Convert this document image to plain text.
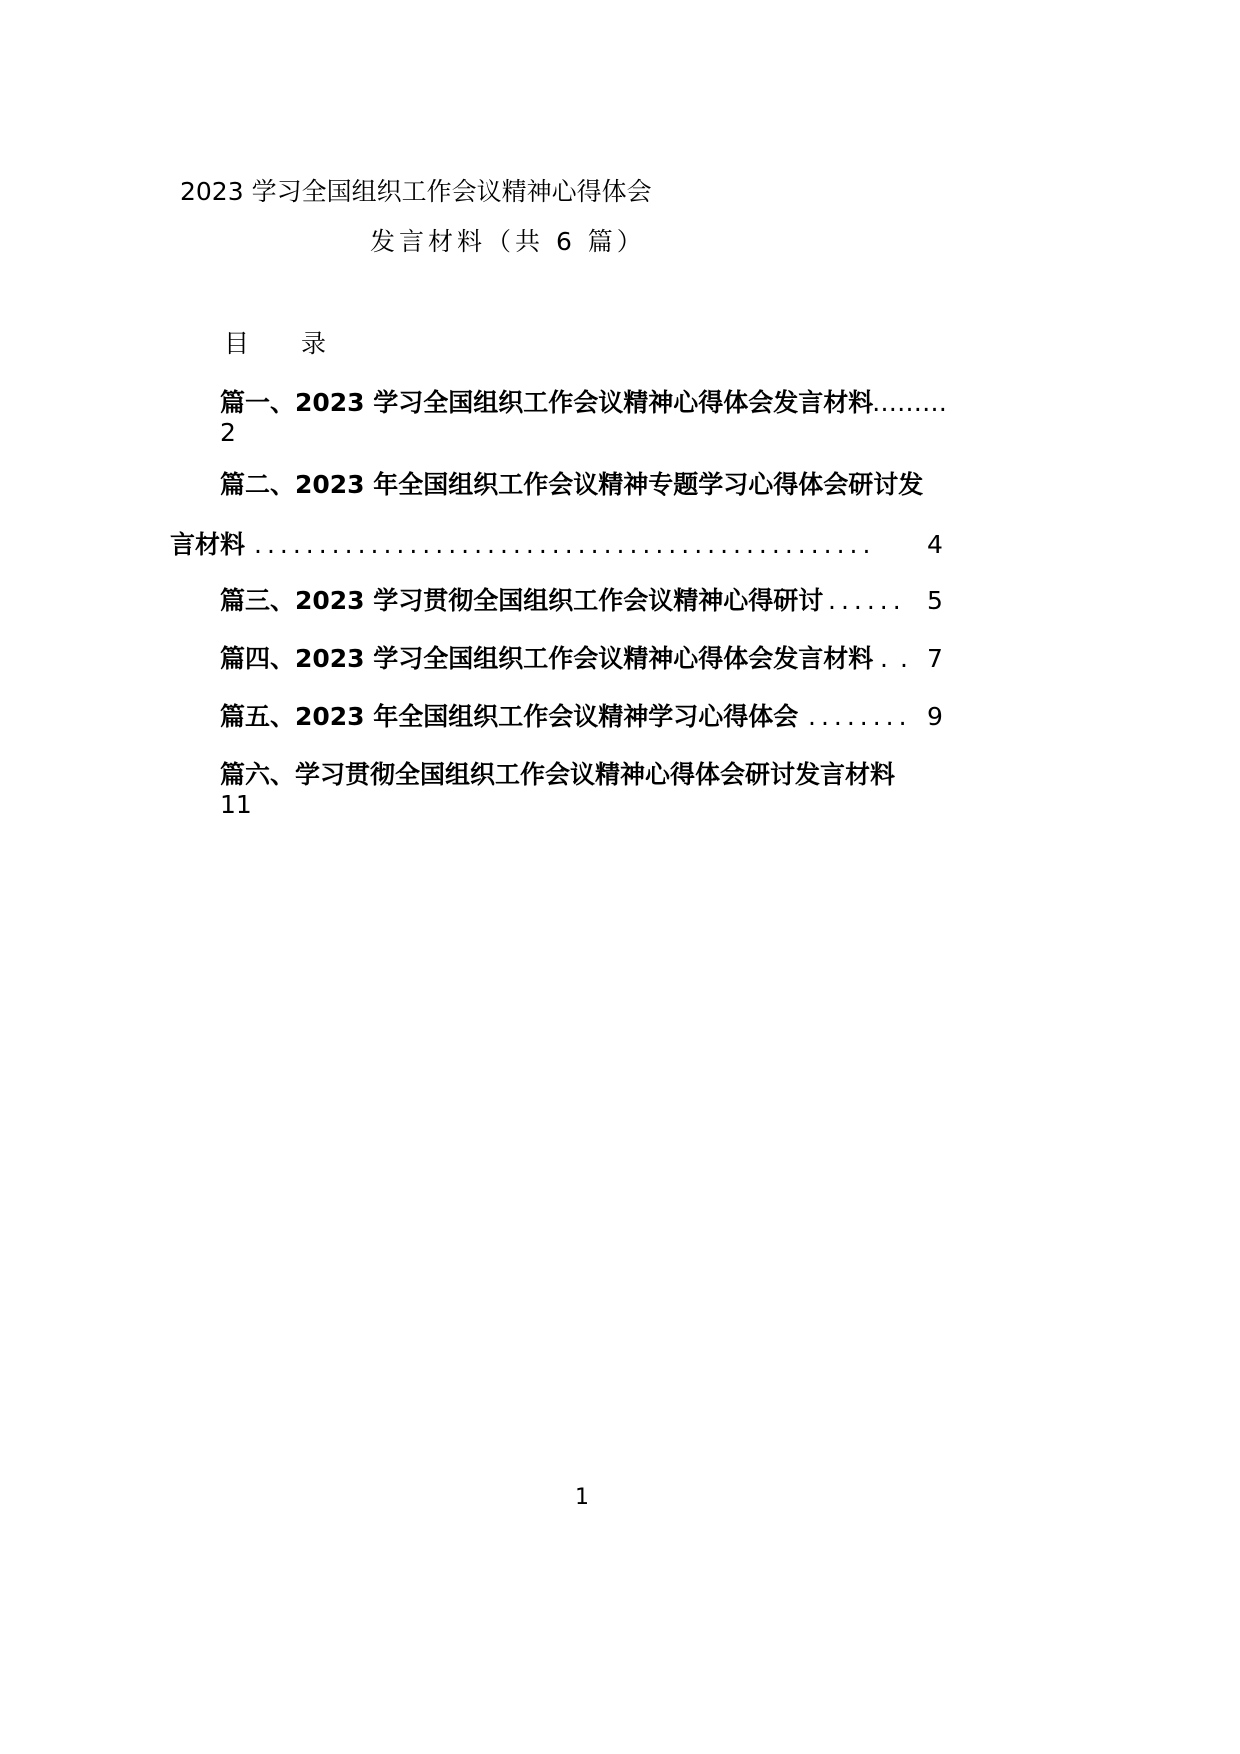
2023 学习全国组织工作会议精神心得体会
发言材料（共 6 篇）
目 录
篇一、2023 学习全国组织工作会议精神心得体会发言材料
………
2
篇二、2023 年全国组织工作会议精神专题学习心得体会研讨发
言材料 ................................................	4
篇三、2023 学习贯彻全国组织工作会议精神心得研讨 ...... 5
篇四、2023 学习全国组织工作会议精神心得体会发言材料 .. 7
篇五、2023 年全国组织工作会议精神学习心得体会 ........ 9
篇六、学习贯彻全国组织工作会议精神心得体会研讨发言材料
11
1
